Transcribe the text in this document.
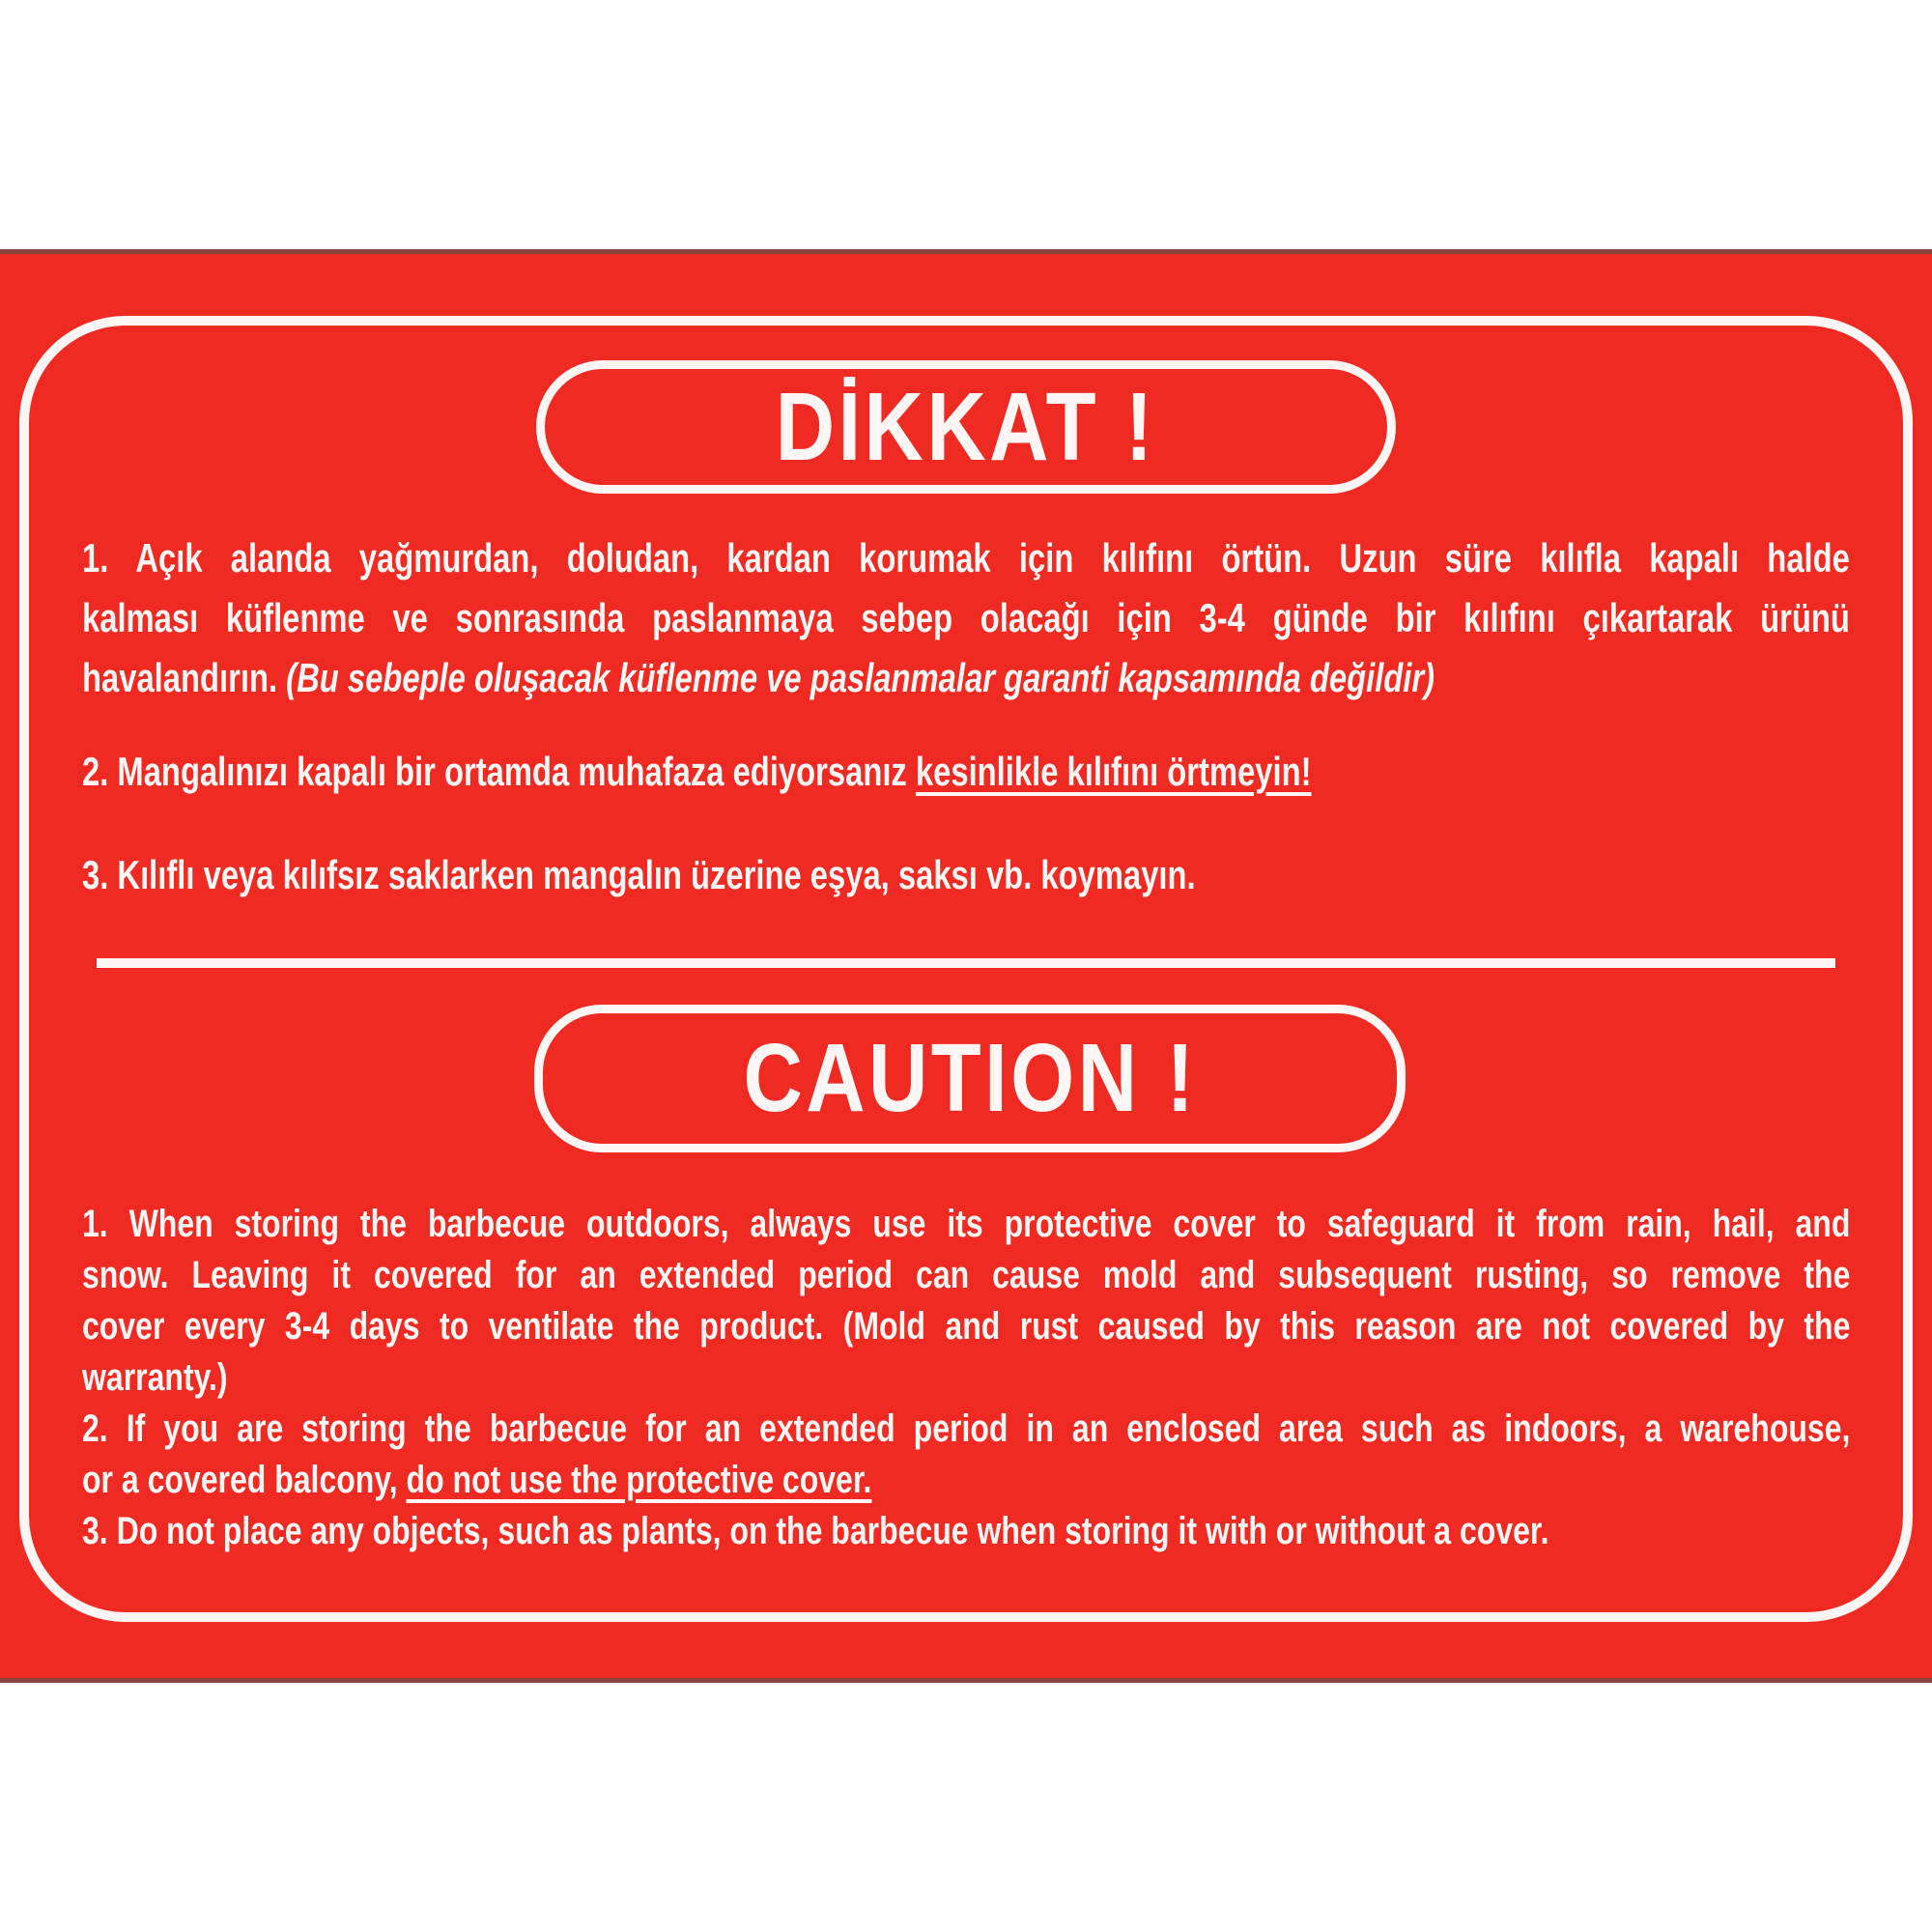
DİKKAT !
1. Açık alanda yağmurdan, doludan, kardan korumak için kılıfını örtün. Uzun süre kılıfla kapalı halde
kalması küflenme ve sonrasında paslanmaya sebep olacağı için 3-4 günde bir kılıfını çıkartarak ürünü
havalandırın. (Bu sebeple oluşacak küflenme ve paslanmalar garanti kapsamında değildir)
2. Mangalınızı kapalı bir ortamda muhafaza ediyorsanız kesinlikle kılıfını örtmeyin!
3. Kılıflı veya kılıfsız saklarken mangalın üzerine eşya, saksı vb. koymayın.
CAUTION !
1. When storing the barbecue outdoors, always use its protective cover to safeguard it from rain, hail, and
snow. Leaving it covered for an extended period can cause mold and subsequent rusting, so remove the
cover every 3-4 days to ventilate the product. (Mold and rust caused by this reason are not covered by the
warranty.)
2. If you are storing the barbecue for an extended period in an enclosed area such as indoors, a warehouse,
or a covered balcony, do not use the protective cover.
3. Do not place any objects, such as plants, on the barbecue when storing it with or without a cover.
